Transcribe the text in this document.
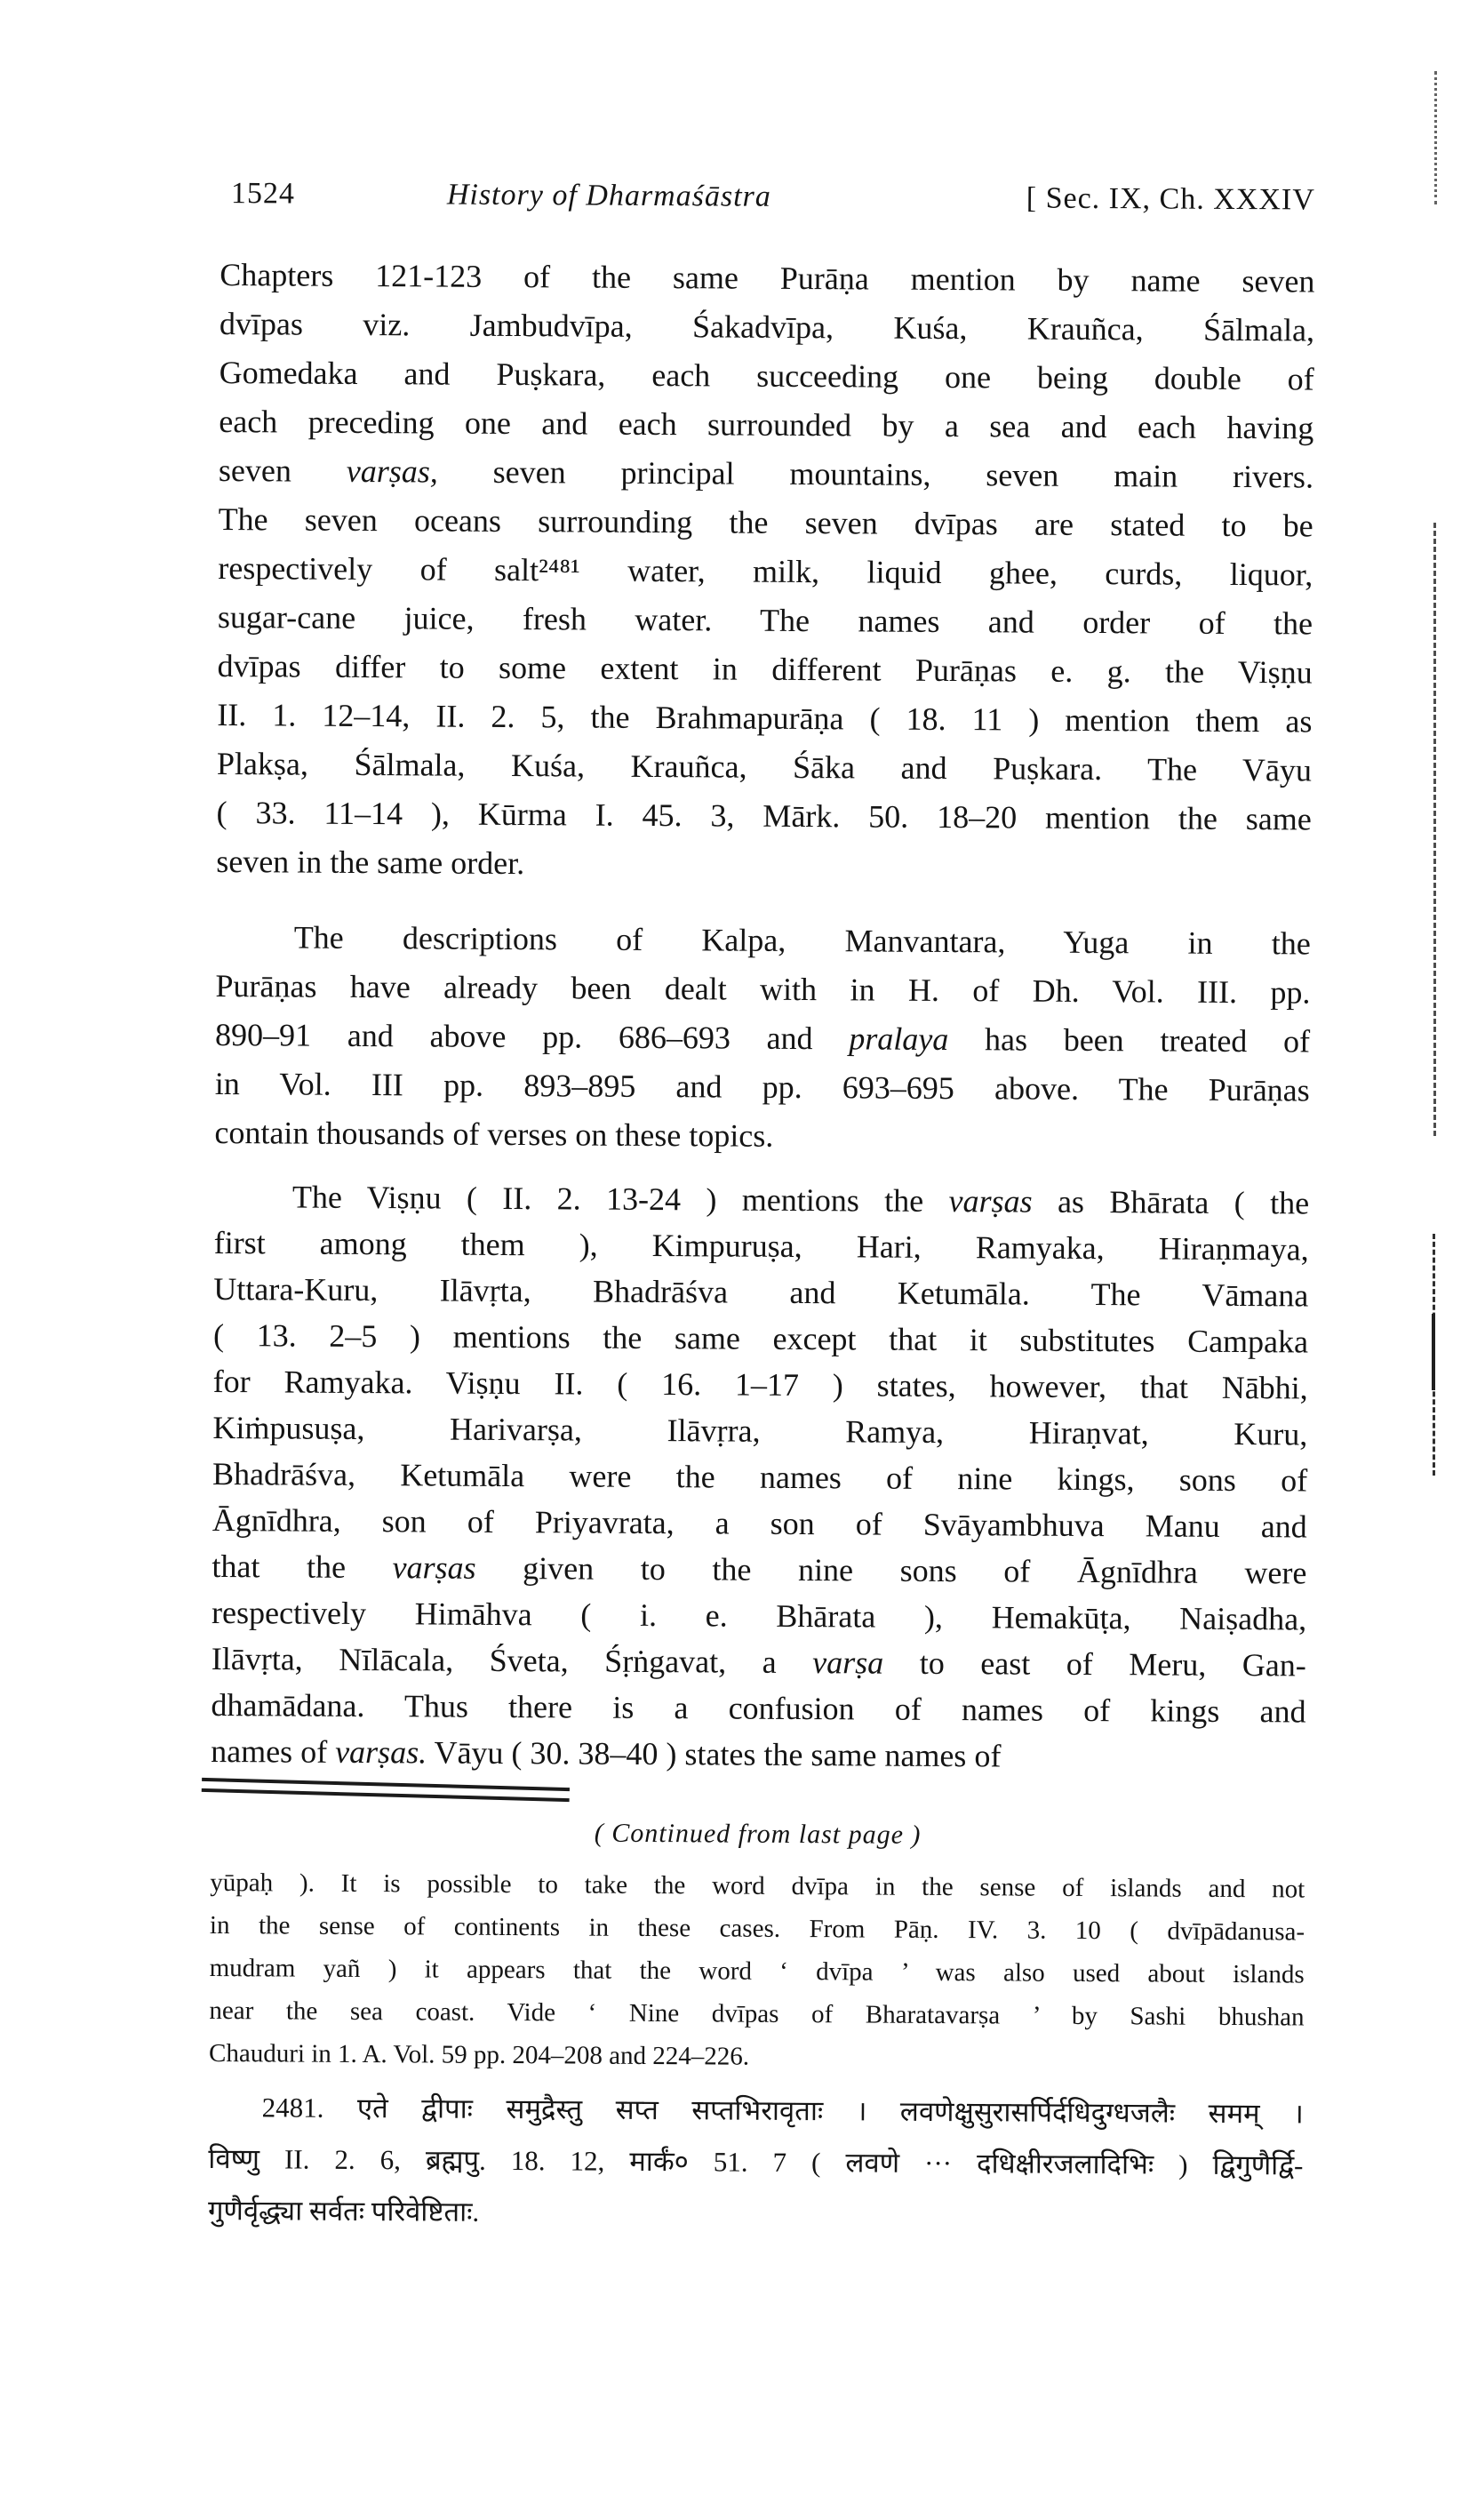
1524	History of Dharmaśāstra	[ Sec. IX, Ch. XXXIV
Chapters 121-123 of the same Purāṇa mention by name seven
dvīpas viz. Jambudvīpa, Śakadvīpa, Kuśa, Krauñca, Śālmala,
Gomedaka and Puṣkara, each succeeding one being double of
each preceding one and each surrounded by a sea and each having
seven varṣas, seven principal mountains, seven main rivers.
The seven oceans surrounding the seven dvīpas are stated to be
respectively of salt²⁴⁸¹ water, milk, liquid ghee, curds, liquor,
sugar-cane juice, fresh water. The names and order of the
dvīpas differ to some extent in different Purāṇas e. g. the Viṣṇu
II. 1. 12–14, II. 2. 5, the Brahmapurāṇa ( 18. 11 ) mention them as
Plakṣa, Śālmala, Kuśa, Krauñca, Śāka and Puṣkara. The Vāyu
( 33. 11–14 ), Kūrma I. 45. 3, Mārk. 50. 18–20 mention the same
seven in the same order.
The descriptions of Kalpa, Manvantara, Yuga in the
Purāṇas have already been dealt with in H. of Dh. Vol. III. pp.
890–91 and above pp. 686–693 and pralaya has been treated of
in Vol. III pp. 893–895 and pp. 693–695 above. The Purāṇas
contain thousands of verses on these topics.
The Viṣṇu ( II. 2. 13-24 ) mentions the varṣas as Bhārata ( the
first among them ), Kimpuruṣa, Hari, Ramyaka, Hiraṇmaya,
Uttara-Kuru, Ilāvṛta, Bhadrāśva and Ketumāla. The Vāmana
( 13. 2–5 ) mentions the same except that it substitutes Campaka
for Ramyaka. Viṣṇu II. ( 16. 1–17 ) states, however, that Nābhi,
Kiṁpusuṣa,	Harivarṣa,	Ilāvṛra,	Ramya,	Hiraṇvat,	Kuru,
Bhadrāśva, Ketumāla were the names of nine kings, sons of
Āgnīdhra, son of Priyavrata, a son of Svāyambhuva Manu and
that the varṣas given to the nine sons of Āgnīdhra were
respectively Himāhva ( i. e. Bhārata ), Hemakūṭa, Naiṣadha,
Ilāvṛta, Nīlācala, Śveta, Śṛṅgavat, a varṣa to east of Meru, Gan-
dhamādana. Thus there is a confusion of names of kings and
names of varṣas. Vāyu ( 30. 38–40 ) states the same names of
( Continued from last page )
yūpaḥ ). It is possible to take the word dvīpa in the sense of islands and not
in the sense of continents in these cases. From Pāṇ. IV. 3. 10 ( dvīpādanusa-
mudram yañ ) it appears that the word ‘ dvīpa ’ was also used about islands
near the sea coast. Vide ‘ Nine dvīpas of Bharatavarṣa ’ by Sashi bhushan
Chauduri in 1. A. Vol. 59 pp. 204–208 and 224–226.
2481. एते द्वीपाः समुद्रैस्तु सप्त सप्तभिरावृताः । लवणेक्षुसुरासर्पिर्दधिदुग्धजलैः समम् ।
विष्णु II. 2. 6, ब्रह्मपु. 18. 12, मार्कं० 51. 7 ( लवणे ··· दधिक्षीरजलादिभिः ) द्विगुणैर्द्वि-
गुणैर्वृद्ध्या सर्वतः परिवेष्टिताः.
